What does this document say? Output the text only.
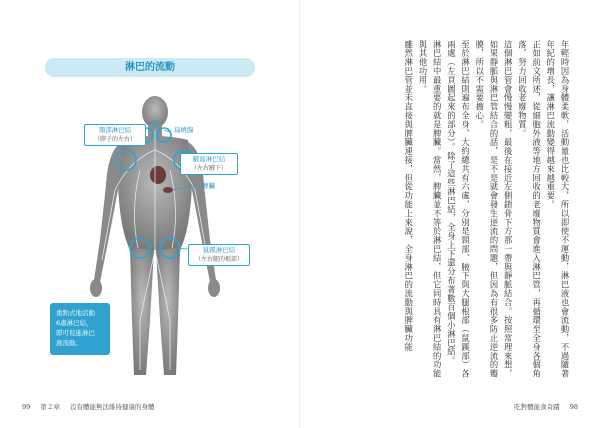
淋巴的流動
頸部淋巴結
（脖子的左右）
扁桃腺
腋窩淋巴結
（左右腋下）
脾臟
鼠蹊淋巴結
（左右腿的根部）
重點式地活動
6處淋巴結，
即可促進淋巴
液流動。
99 第２章 沒有體能無法維持健康的身體

年輕時因為身體柔軟，活動量也比較大，所以即使不運動，淋巴液也會流動，不過隨著年紀的增長，讓淋巴流動變得越來越重要。

正如前文所述，從細胞外液等地方回收的老廢物質會進入淋巴管，再循環至全身各個角落，努力回收老廢物質。

這個淋巴管會慢慢變粗，最後在接近左側鎖骨下方那一帶與靜脈結合。按照常理來想，如果靜脈與淋巴管結合的話，是不是就會發生逆流的問題，但因為有很多防止逆流的瓣膜，所以不需要擔心。

至於淋巴結則遍布全身，大約總共有六處，分別是頸部、腋下與大腿根部（鼠蹊部）各兩處（左頁圖起來的部分）。除了這些淋巴結，全身上下還分布著數百個小淋巴結。

淋巴結中最重要的就是脾臟。當然，脾臟並不等於淋巴結，但它同時具有淋巴結的功能與其他功用。

雖然淋巴管並未直接與脾臟連接，但從功能上來說，全身淋巴的流動與脾臟功能

吃對體能食奇蹟 98
